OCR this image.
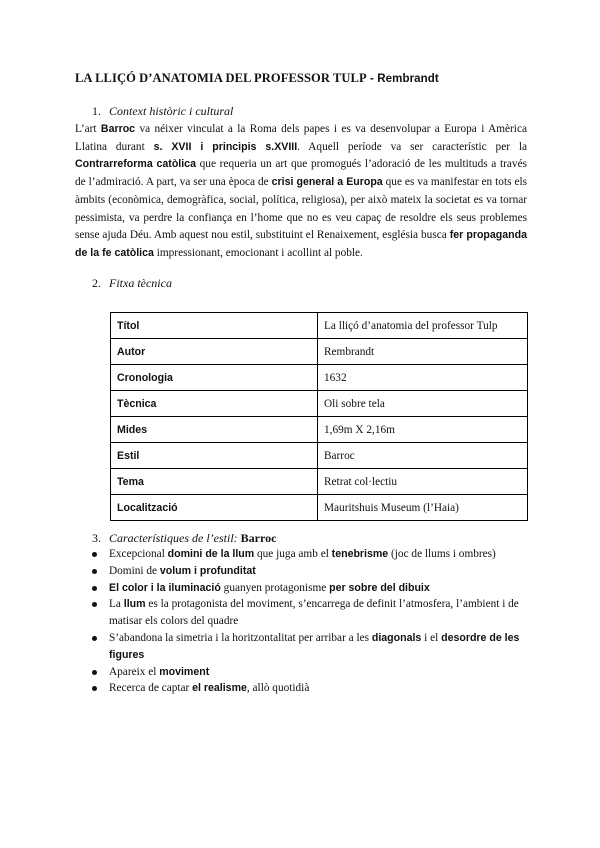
LA LLIÇÓ D’ANATOMIA DEL PROFESSOR TULP - Rembrandt
1. Context històric i cultural
L’art Barroc va néixer vinculat a la Roma dels papes i es va desenvolupar a Europa i Amèrica Llatina durant s. XVII i principis s.XVIII. Aquell període va ser característic per la Contrarreforma catòlica que requeria un art que promogués l’adoració de les multituds a través de l’admiració. A part, va ser una època de crisi general a Europa que es va manifestar en tots els àmbits (econòmica, demogràfica, social, política, religiosa), per això mateix la societat es va tornar pessimista, va perdre la confiança en l’home que no es veu capaç de resoldre els seus problemes sense ajuda Déu. Amb aquest nou estil, substituint el Renaixement, església busca fer propaganda de la fe catòlica impressionant, emocionant i acollint al poble.
2. Fitxa tècnica
Títol	La lliçó d’anatomia del professor Tulp
Autor	Rembrandt
Cronologia	1632
Tècnica	Oli sobre tela
Mides	1,69m X 2,16m
Estil	Barroc
Tema	Retrat col·lectiu
Localització	Mauritshuis Museum (l’Haia)
3. Característiques de l’estil: Barroc
Excepcional domini de la llum que juga amb el tenebrisme (joc de llums i ombres)
Domini de volum i profunditat
El color i la iluminació guanyen protagonisme per sobre del dibuix
La llum es la protagonista del moviment, s’encarrega de definit l’atmosfera, l’ambient i de matisar els colors del quadre
S’abandona la simetria i la horitzontalitat per arribar a les diagonals i el desordre de les figures
Apareix el moviment
Recerca de captar el realisme, allò quotidià
